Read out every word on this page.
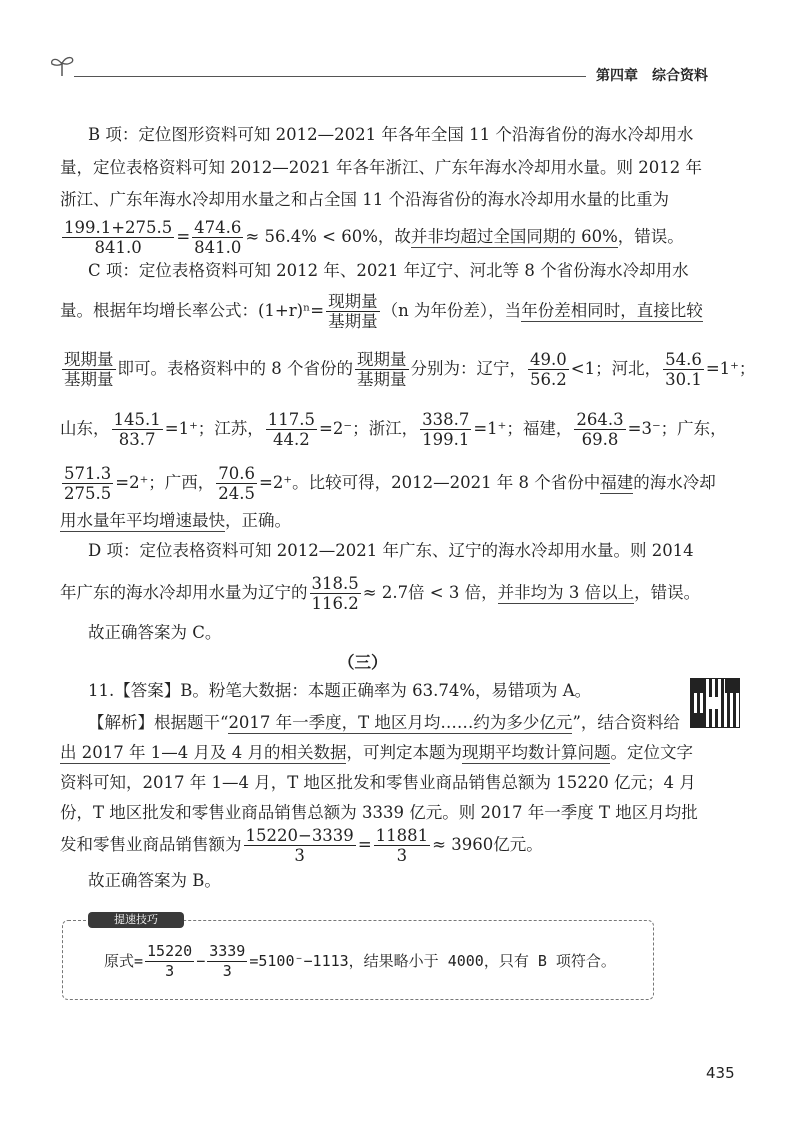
第四章　综合资料
B 项：定位图形资料可知 2012—2021 年各年全国 11 个沿海省份的海水冷却用水
量，定位表格资料可知 2012—2021 年各年浙江、广东年海水冷却用水量。则 2012 年
浙江、广东年海水冷却用水量之和占全国 11 个沿海省份的海水冷却用水量的比重为
$\frac{199.1+275.5}{841.0} = \frac{474.6}{841.0} \approx 56.4\% < 60\%$，故并非均超过全国同期的 60%，错误。
C 项：定位表格资料可知 2012 年、2021 年辽宁、河北等 8 个省份海水冷却用水
量。根据年均增长率公式：$(1+r)^n= \frac{\text{现期量}}{\text{基期量}} (n$ 为年份差），当年份差相同时，直接比较
$\frac{\text{现期量}}{\text{基期量}}$ 即可。表格资料中的 8 个省份的 $\frac{\text{现期量}}{\text{基期量}}$ 分别为：辽宁， $\frac{49.0}{56.2} <1$；河北， $\frac{54.6}{30.1} =1^+$；
山东， $\frac{145.1}{83.7} =1^+$；江苏， $\frac{117.5}{44.2} =2^-$；浙江， $\frac{338.7}{199.1} =1^+$；福建， $\frac{264.3}{69.8} =3^-$；广东，
$\frac{571.3}{275.5} =2^+$；广西， $\frac{70.6}{24.5} =2^+$。比较可得，2012—2021 年 8 个省份中福建的海水冷却
用水量年平均增速最快，正确。
D 项：定位表格资料可知 2012—2021 年广东、辽宁的海水冷却用水量。则 2014
年广东的海水冷却用水量为辽宁的 $\frac{318.5}{116.2} \approx 2.7$倍 < 3 倍，并非均为 3 倍以上，错误。
故正确答案为 C。
（三）
11.【答案】B。粉笔大数据：本题正确率为 63.74%，易错项为 A。
【解析】根据题干“2017 年一季度，T 地区月均……约为多少亿元”，结合资料给
出 2017 年 1—4 月及 4 月的相关数据，可判定本题为现期平均数计算问题。定位文字
资料可知，2017 年 1—4 月，T 地区批发和零售业商品销售总额为 15220 亿元；4 月
份，T 地区批发和零售业商品销售总额为 3339 亿元。则 2017 年一季度 T 地区月均批
发和零售业商品销售额为 $\frac{15220-3339}{3} = \frac{11881}{3} \approx 3960$亿元。
故正确答案为 B。
提速技巧
原式= $\frac{15220}{3} - \frac{3339}{3} =5100^--1113$，结果略小于 4000，只有 B 项符合。
435
